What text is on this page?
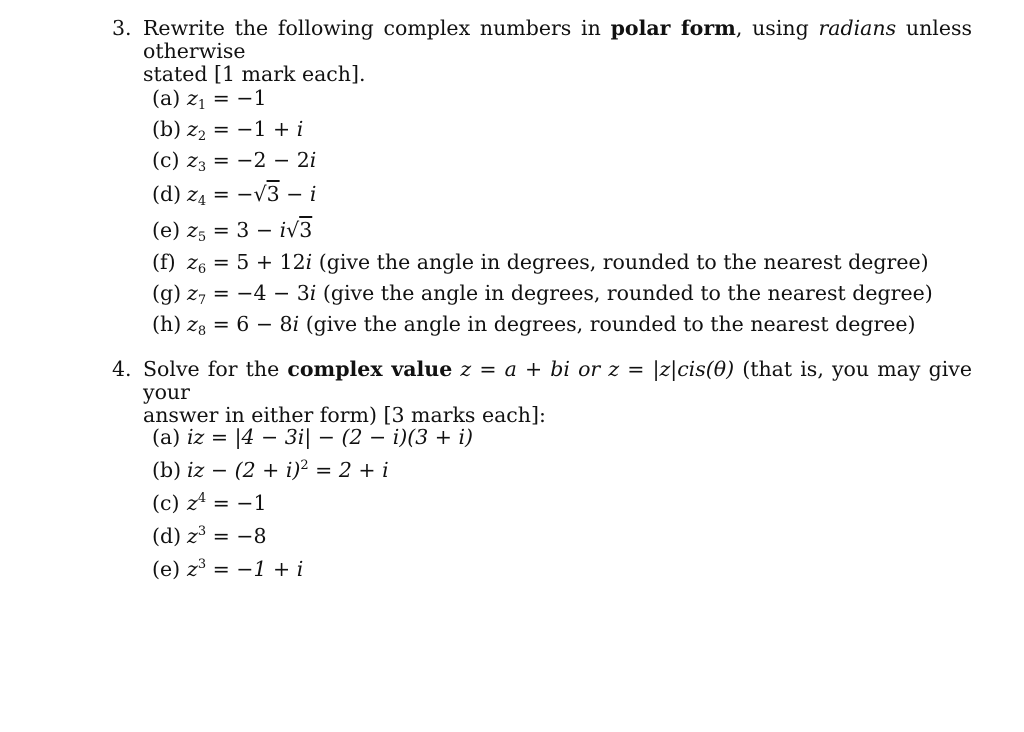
3. Rewrite the following complex numbers in polar form, using radians unless otherwise
stated [1 mark each].
(a) $z_1 = -1$
(b) $z_2 = -1 + i$
(c) $z_3 = -2 - 2i$
(d) $z_4 = -√3 - i$
(e) $z_5 = 3 - i√3$
(f) $z_6 = 5 + 12i$ (give the angle in degrees, rounded to the nearest degree)
(g) $z_7 = -4 - 3i$ (give the angle in degrees, rounded to the nearest degree)
(h) $z_8 = 6 - 8i$ (give the angle in degrees, rounded to the nearest degree)
4. Solve for the complex value z = a + bi or z = |z|cis(θ) (that is, you may give your
answer in either form) [3 marks each]:
(a) iz = |4 − 3i| − (2 − i)(3 + i)
(b) iz − $(2 + i)^2 = 2 + i$
(c) $z^4 = -1$
(d) $z^3 = -8$
(e) $z^3 = -1 + i$
